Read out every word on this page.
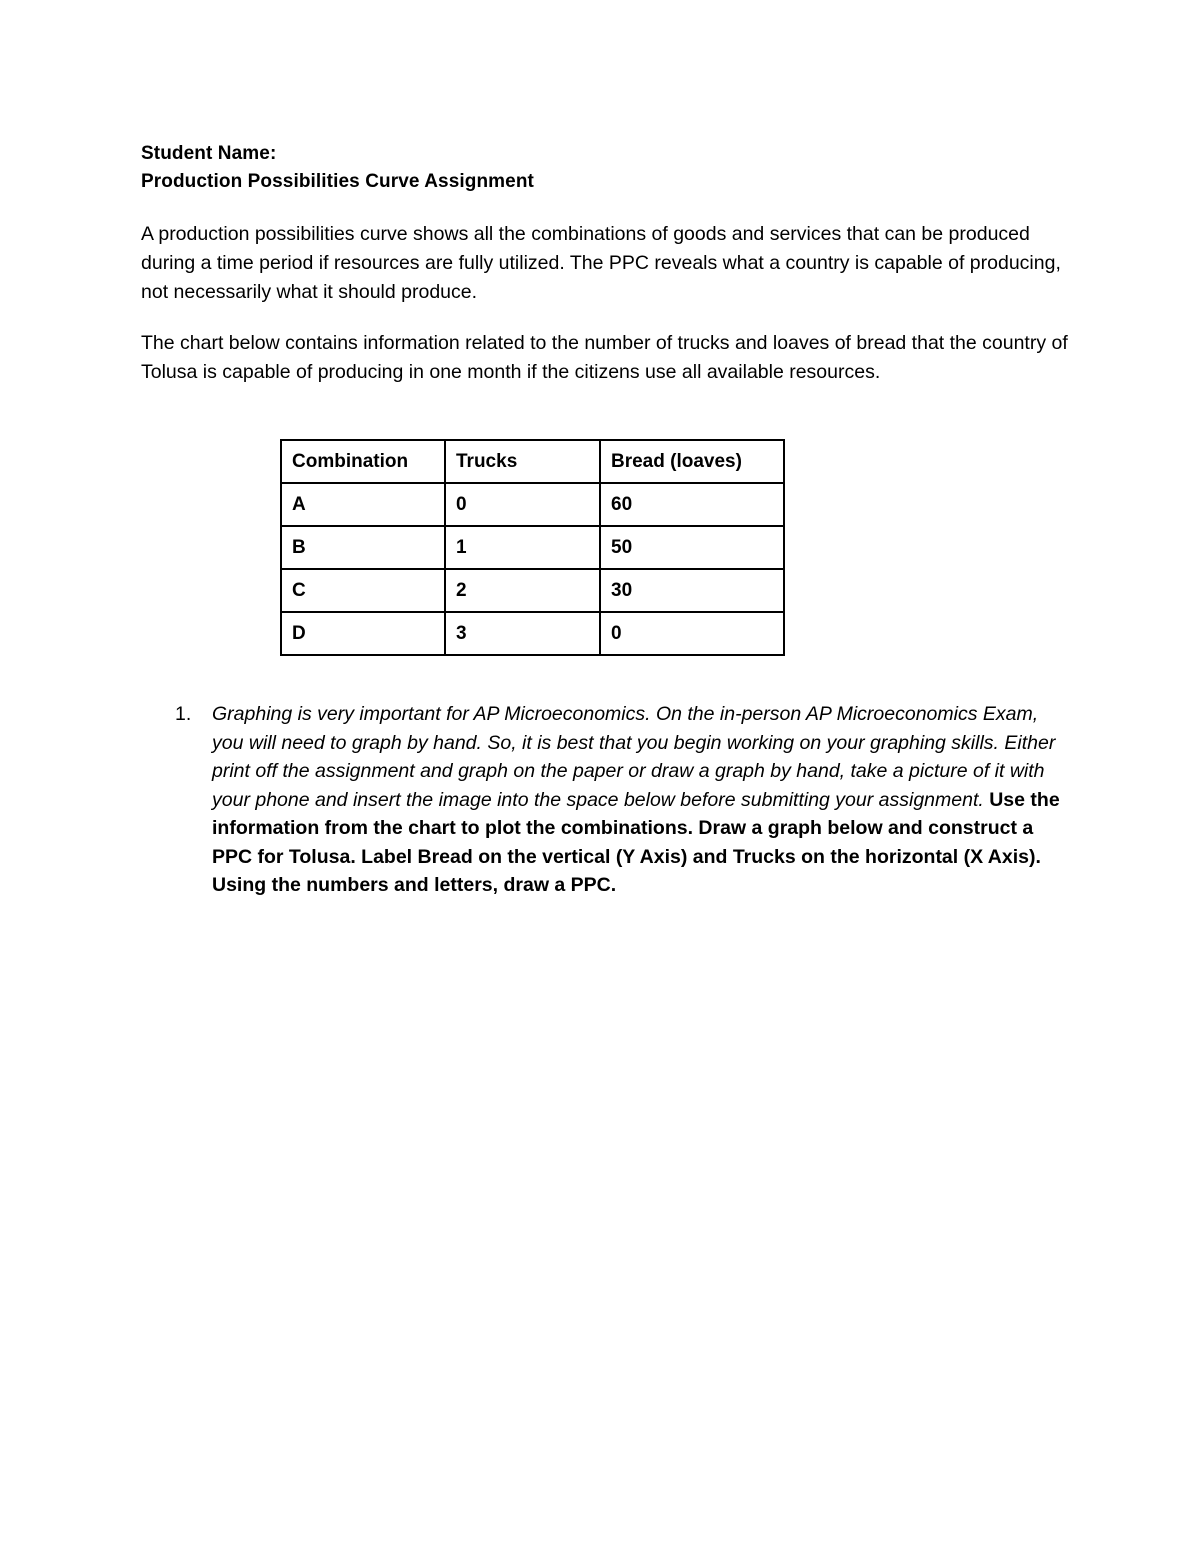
Student Name:
Production Possibilities Curve Assignment

A production possibilities curve shows all the combinations of goods and services that can be produced during a time period if resources are fully utilized. The PPC reveals what a country is capable of producing, not necessarily what it should produce.

The chart below contains information related to the number of trucks and loaves of bread that the country of Tolusa is capable of producing in one month if the citizens use all available resources.

Combination	Trucks	Bread (loaves)
A	0	60
B	1	50
C	2	30
D	3	0
1. Graphing is very important for AP Microeconomics. On the in-person AP Microeconomics Exam, you will need to graph by hand. So, it is best that you begin working on your graphing skills. Either print off the assignment and graph on the paper or draw a graph by hand, take a picture of it with your phone and insert the image into the space below before submitting your assignment. Use the information from the chart to plot the combinations. Draw a graph below and construct a PPC for Tolusa. Label Bread on the vertical (Y Axis) and Trucks on the horizontal (X Axis). Using the numbers and letters, draw a PPC.
